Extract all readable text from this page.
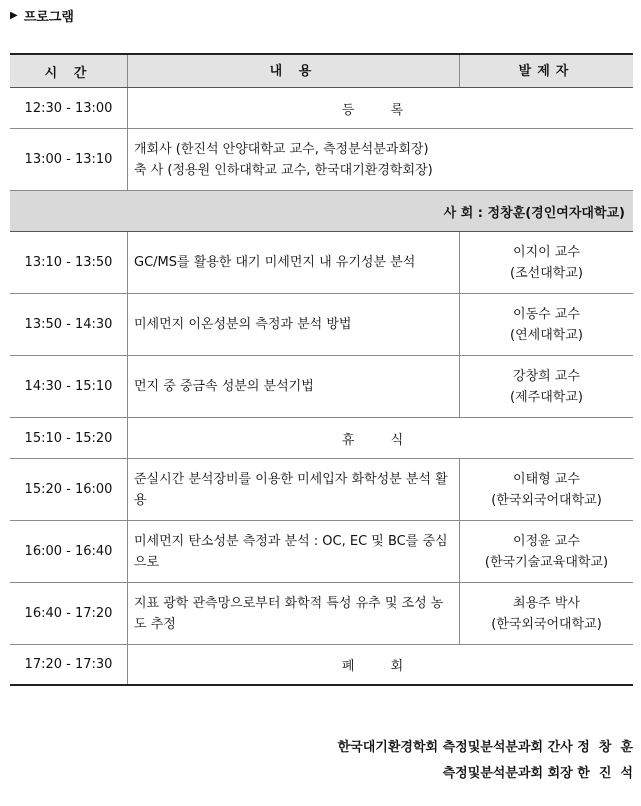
▶ 프로그램
시 간	내 용	발제자
12:30 - 13:00	등 록	
13:00 - 13:10	개회사 (한진석 안양대학교 교수, 측정분석분과회장)
축 사 (정용원 인하대학교 교수, 한국대기환경학회장)	

사 회 : 정창훈(경인여자대학교)		
13:10 - 13:50	GC/MS를 활용한 대기 미세먼지 내 유기성분 분석	이지이 교수
(조선대학교)

13:50 - 14:30	미세먼지 이온성분의 측정과 분석 방법	이동수 교수
(연세대학교)

14:30 - 15:10	먼지 중 중금속 성분의 분석기법	강창희 교수
(제주대학교)

15:10 - 15:20	휴 식	
15:20 - 16:00	준실시간 분석장비를 이용한 미세입자 화학성분 분석 활용	이태형 교수
(한국외국어대학교)

16:00 - 16:40	미세먼지 탄소성분 측정과 분석 : OC, EC 및 BC를 중심으로	이정윤 교수
(한국기술교육대학교)

16:40 - 17:20	지표 광학 관측망으로부터 화학적 특성 유추 및 조성 농도 추정	최용주 박사
(한국외국어대학교)

17:20 - 17:30	폐 회	
한국대기환경학회 측정및분석분과회 간사 정  창  훈
측정및분석분과회 회장 한  진  석
